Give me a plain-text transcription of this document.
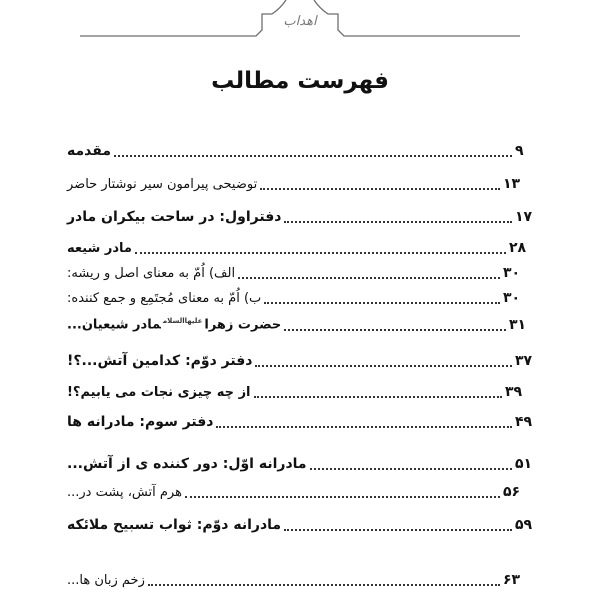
اهداب
فهرست مطالب
مقدمه	۹
توضیحی پیرامون سیر نوشتار حاضر	۱۳
دفتراول: در ساحت بیکران مادر	۱۷
مادر شیعه	۲۸
الف) اُمّ به معنای اصل و ریشه:	۳۰
ب) اُمّ به معنای مُجتَمِع و جمع کننده:	۳۰
حضرت زهرا$^{علیهاالسلام}$مادر شیعیان...	۳۱
دفتر دوّم: کدامین آتش...؟!	۳۷
از چه چیزی نجات می یابیم؟!	۳۹
دفتر سوم: مادرانه ها	۴۹
مادرانه اوّل: دور کننده ی از آتش...	۵۱
هرم آتش، پشت در...	۵۶
مادرانه دوّم: ثواب تسبیح ملائکه	۵۹
زخم زبان ها...	۶۳
